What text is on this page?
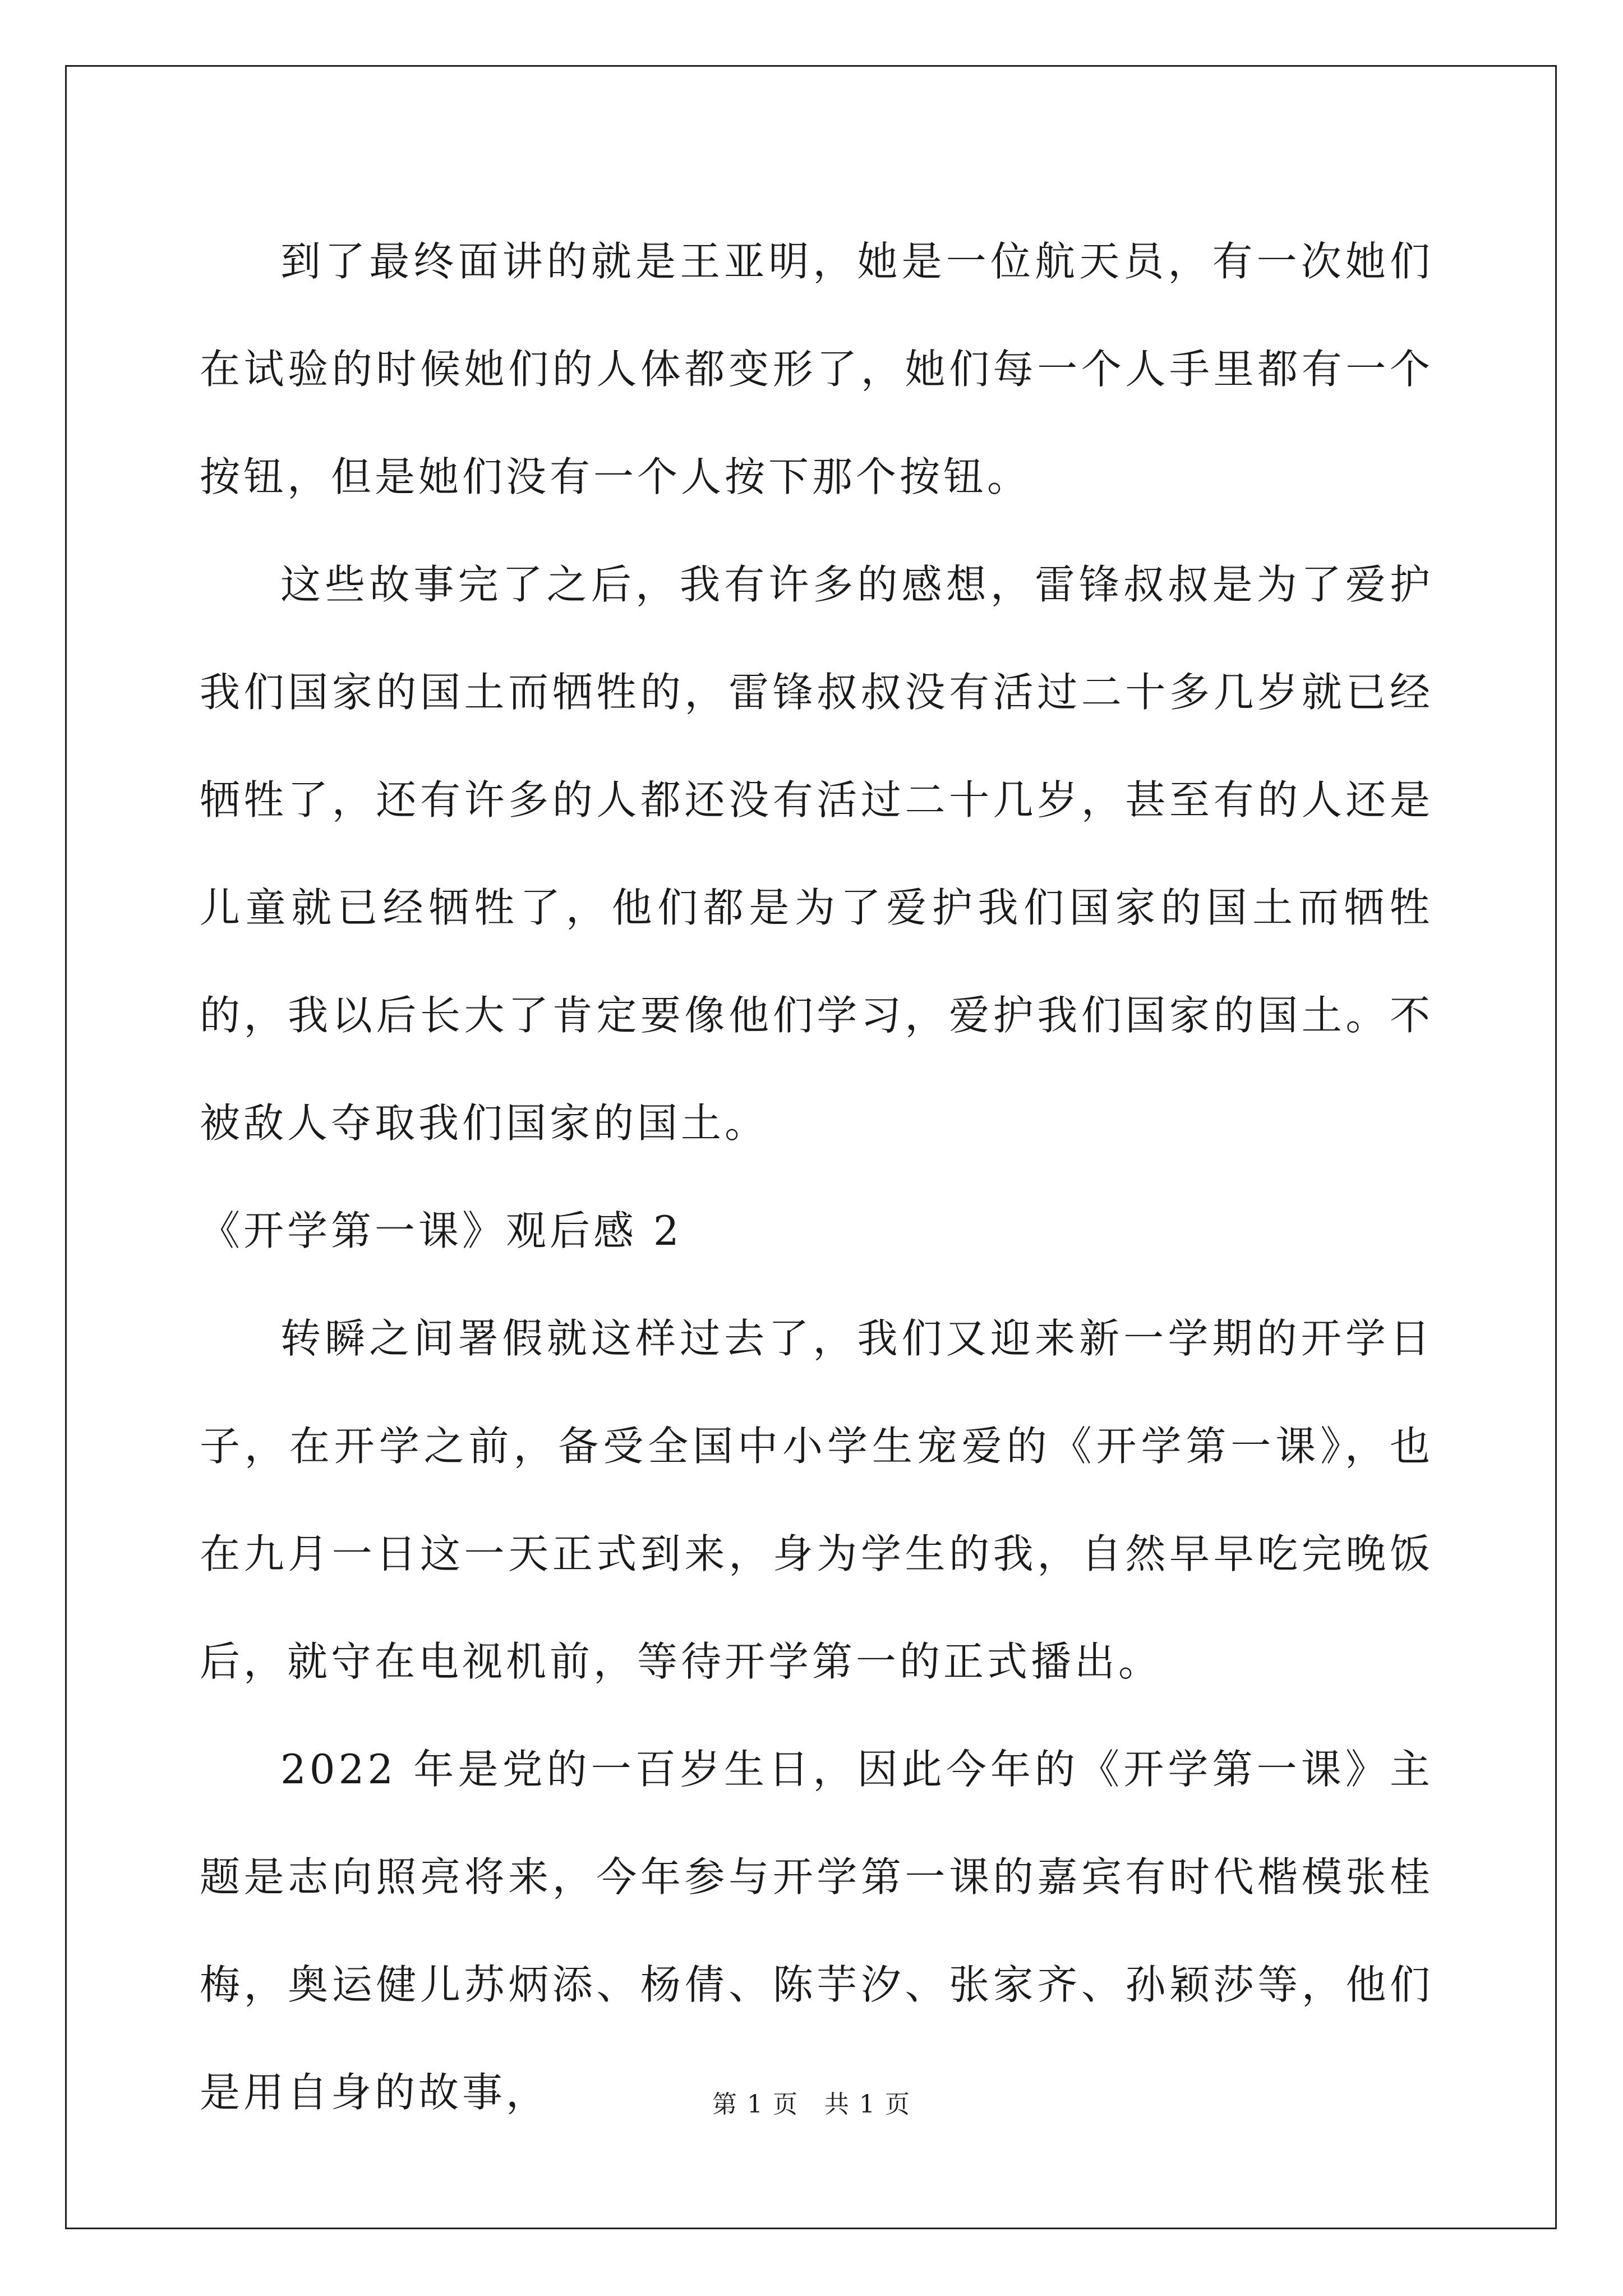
到了最终面讲的就是王亚明，她是一位航天员，有一次她们在试验的时候她们的人体都变形了，她们每一个人手里都有一个按钮，但是她们没有一个人按下那个按钮。

这些故事完了之后，我有许多的感想，雷锋叔叔是为了爱护我们国家的国土而牺牲的，雷锋叔叔没有活过二十多几岁就已经牺牲了，还有许多的人都还没有活过二十几岁，甚至有的人还是儿童就已经牺牲了，他们都是为了爱护我们国家的国土而牺牲的，我以后长大了肯定要像他们学习，爱护我们国家的国土。不被敌人夺取我们国家的国土。

《开学第一课》观后感 2

转瞬之间署假就这样过去了，我们又迎来新一学期的开学日子，在开学之前，备受全国中小学生宠爱的《开学第一课》，也在九月一日这一天正式到来，身为学生的我，自然早早吃完晚饭后，就守在电视机前，等待开学第一的正式播出。

2022 年是党的一百岁生日，因此今年的《开学第一课》主题是志向照亮将来，今年参与开学第一课的嘉宾有时代楷模张桂梅，奥运健儿苏炳添、杨倩、陈芋汐、张家齐、孙颖莎等，他们是用自身的故事，	第 1 页　共 1 页
